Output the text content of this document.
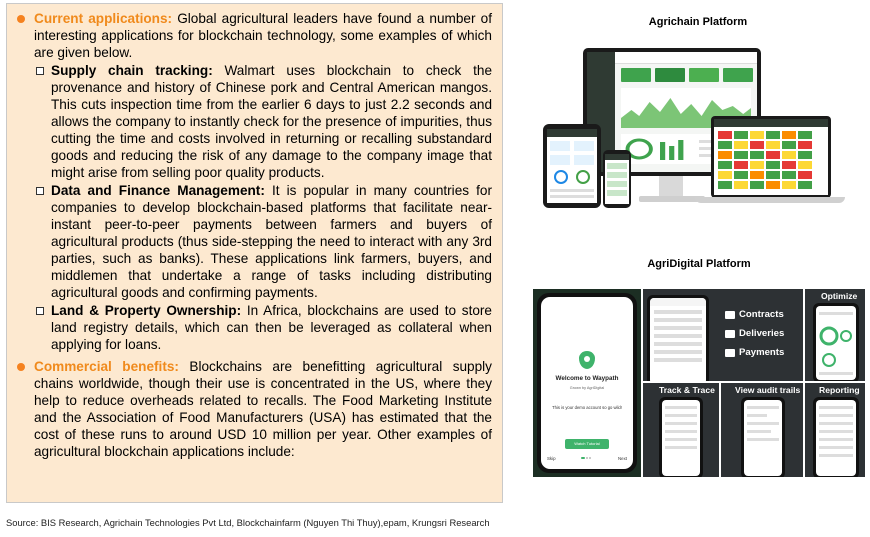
Current applications: Global agricultural leaders have found a number of interesting applications for blockchain technology, some examples of which are given below.
Supply chain tracking: Walmart uses blockchain to check the provenance and history of Chinese pork and Central American mangos. This cuts inspection time from the earlier 6 days to just 2.2 seconds and allows the company to instantly check for the presence of impurities, thus cutting the time and costs involved in returning or recalling substandard goods and reducing the risk of any damage to the company image that might arise from selling poor quality products.
Data and Finance Management: It is popular in many countries for companies to develop blockchain-based platforms that facilitate near-instant peer-to-peer payments between farmers and buyers of agricultural products (thus side-stepping the need to interact with any 3rd parties, such as banks). These applications link farmers, buyers, and middlemen that undertake a range of tasks including distributing agricultural goods and confirming payments.
Land & Property Ownership: In Africa, blockchains are used to store land registry details, which can then be leveraged as collateral when applying for loans.
Commercial benefits: Blockchains are benefitting agricultural supply chains worldwide, though their use is concentrated in the US, where they help to reduce overheads related to recalls. The Food Marketing Institute and the Association of Food Manufacturers (USA) has estimated that the cost of these runs to around USD 10 million per year. Other examples of agricultural blockchain applications include:
Source: BIS Research, Agrichain Technologies Pvt Ltd, Blockchainfarm (Nguyen Thi Thuy),epam, Krungsri Research
Agrichain Platform
AgriDigital Platform
Welcome to Waypath
Grown by AgriDigital
This is your demo account so go wild!
Watch Tutorial
Skip	Next
Contracts
Deliveries
Payments
Optimize
Track & Trace View audit trails Reporting
